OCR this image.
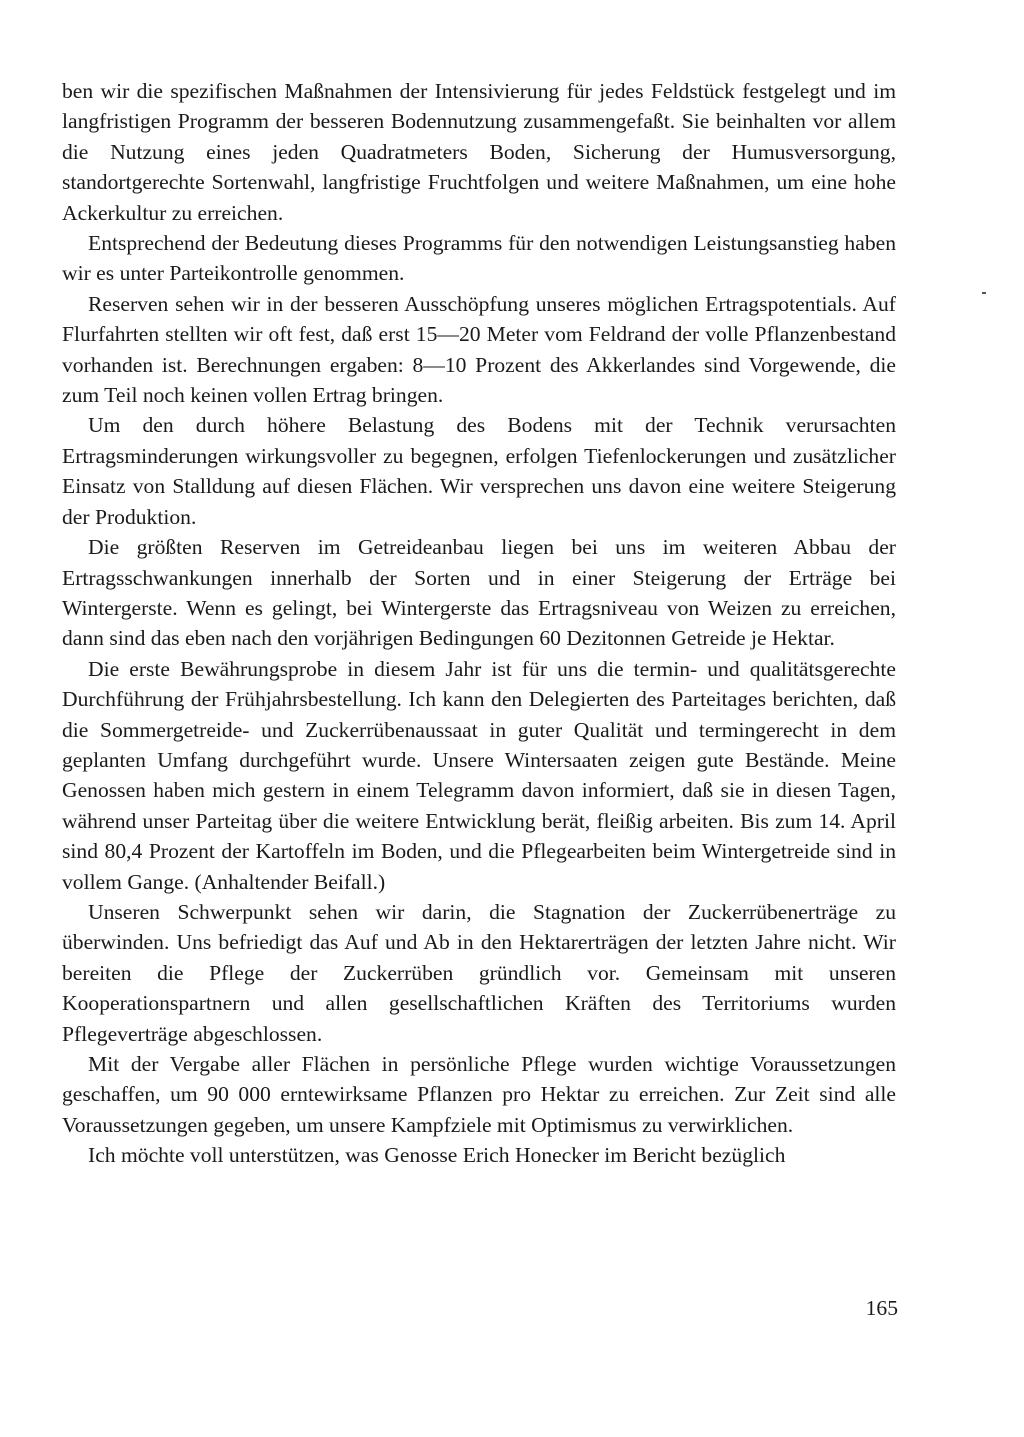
ben wir die spezifischen Maßnahmen der Intensivierung für jedes Feldstück festgelegt und im langfristigen Programm der besseren Bodennutzung zusammengefaßt. Sie beinhalten vor allem die Nutzung eines jeden Quadratmeters Boden, Sicherung der Humusversorgung, standortgerechte Sortenwahl, langfristige Fruchtfolgen und weitere Maßnahmen, um eine hohe Ackerkultur zu erreichen.

Entsprechend der Bedeutung dieses Programms für den notwendigen Leistungsanstieg haben wir es unter Parteikontrolle genommen.

Reserven sehen wir in der besseren Ausschöpfung unseres möglichen Ertragspotentials. Auf Flurfahrten stellten wir oft fest, daß erst 15—20 Meter vom Feldrand der volle Pflanzenbestand vorhanden ist. Berechnungen ergaben: 8—10 Prozent des Akkerlandes sind Vorgewende, die zum Teil noch keinen vollen Ertrag bringen.

Um den durch höhere Belastung des Bodens mit der Technik verursachten Ertragsminderungen wirkungsvoller zu begegnen, erfolgen Tiefenlockerungen und zusätzlicher Einsatz von Stalldung auf diesen Flächen. Wir versprechen uns davon eine weitere Steigerung der Produktion.

Die größten Reserven im Getreideanbau liegen bei uns im weiteren Abbau der Ertragsschwankungen innerhalb der Sorten und in einer Steigerung der Erträge bei Wintergerste. Wenn es gelingt, bei Wintergerste das Ertragsniveau von Weizen zu erreichen, dann sind das eben nach den vorjährigen Bedingungen 60 Dezitonnen Getreide je Hektar.

Die erste Bewährungsprobe in diesem Jahr ist für uns die termin- und qualitätsgerechte Durchführung der Frühjahrsbestellung. Ich kann den Delegierten des Parteitages berichten, daß die Sommergetreide- und Zuckerrübenaussaat in guter Qualität und termingerecht in dem geplanten Umfang durchgeführt wurde. Unsere Wintersaaten zeigen gute Bestände. Meine Genossen haben mich gestern in einem Telegramm davon informiert, daß sie in diesen Tagen, während unser Parteitag über die weitere Entwicklung berät, fleißig arbeiten. Bis zum 14. April sind 80,4 Prozent der Kartoffeln im Boden, und die Pflegearbeiten beim Wintergetreide sind in vollem Gange. (Anhaltender Beifall.)

Unseren Schwerpunkt sehen wir darin, die Stagnation der Zuckerrübenerträge zu überwinden. Uns befriedigt das Auf und Ab in den Hektarerträgen der letzten Jahre nicht. Wir bereiten die Pflege der Zuckerrüben gründlich vor. Gemeinsam mit unseren Kooperationspartnern und allen gesellschaftlichen Kräften des Territoriums wurden Pflegeverträge abgeschlossen.

Mit der Vergabe aller Flächen in persönliche Pflege wurden wichtige Voraussetzungen geschaffen, um 90 000 erntewirksame Pflanzen pro Hektar zu erreichen. Zur Zeit sind alle Voraussetzungen gegeben, um unsere Kampfziele mit Optimismus zu verwirklichen.

Ich möchte voll unterstützen, was Genosse Erich Honecker im Bericht bezüglich

165
